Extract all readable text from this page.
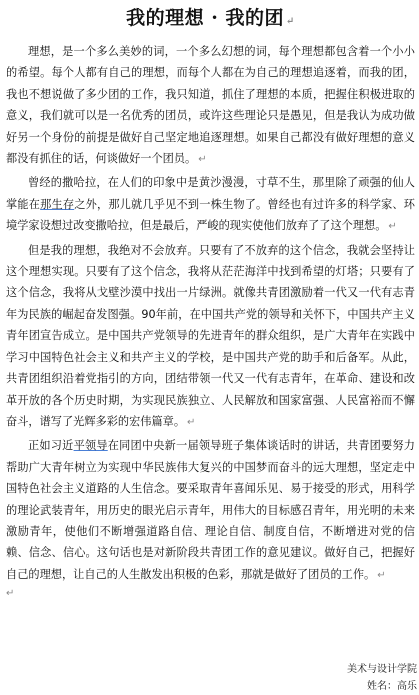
我的理想 · 我的团 ↵

理想，是一个多么美妙的词，一个多么幻想的词，每个理想都包含着一个小小的希望。每个人都有自己的理想，而每个人都在为自己的理想追逐着，而我的团，我也不想说做了多少团的工作，我只知道，抓住了理想的本质，把握住积极进取的意义，我们就可以是一名优秀的团员，或许这些理论只是愚见，但是我认为成功做好另一个身份的前提是做好自己坚定地追逐理想。如果自己都没有做好理想的意义都没有抓住的话，何谈做好一个团员。 ↵

曾经的撒哈拉，在人们的印象中是黄沙漫漫，寸草不生，那里除了顽强的仙人掌能在那生存之外，那儿就几乎见不到一株生物了。曾经也有过许多的科学家、环境学家设想过改变撒哈拉，但是最后，严峻的现实使他们放弃了了这个理想。 ↵

但是我的理想，我绝对不会放弃。只要有了不放弃的这个信念，我就会坚持让这个理想实现。只要有了这个信念，我将从茫茫海洋中找到希望的灯塔；只要有了这个信念，我将从戈壁沙漠中找出一片绿洲。就像共青团激励着一代又一代有志青年为民族的崛起奋发图强。90年前，在中国共产党的领导和关怀下，中国共产主义青年团宣告成立。是中国共产党领导的先进青年的群众组织，是广大青年在实践中学习中国特色社会主义和共产主义的学校，是中国共产党的助手和后备军。从此，共青团组织沿着党指引的方向，团结带领一代又一代有志青年，在革命、建设和改革开放的各个历史时期，为实现民族独立、人民解放和国家富强、人民富裕而不懈奋斗，谱写了光辉多彩的宏伟篇章。 ↵

正如习近平领导在同团中央新一届领导班子集体谈话时的讲话，共青团要努力帮助广大青年树立为实现中华民族伟大复兴的中国梦而奋斗的远大理想，坚定走中国特色社会主义道路的人生信念。要采取青年喜闻乐见、易于接受的形式，用科学的理论武装青年，用历史的眼光启示青年，用伟大的目标感召青年，用光明的未来激励青年，使他们不断增强道路自信、理论自信、制度自信，不断增进对党的信赖、信念、信心。这句话也是对新阶段共青团工作的意见建议。做好自己，把握好自己的理想，让自己的人生散发出积极的色彩，那就是做好了团员的工作。 ↵

↵
美术与设计学院
姓名：高乐
